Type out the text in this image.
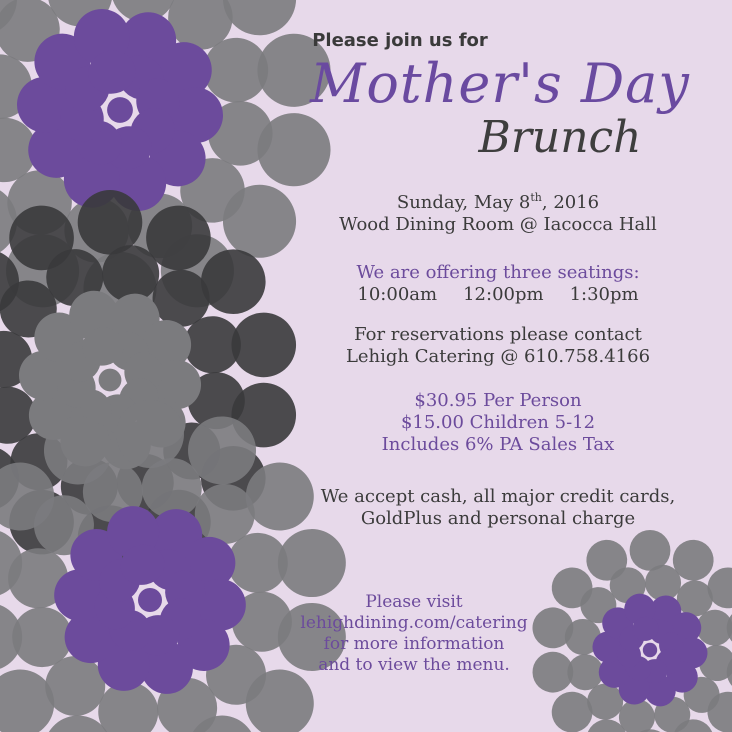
Please join us for
Mother's Day
Brunch
Sunday, May 8th, 2016
Wood Dining Room @ Iacocca Hall
We are offering three seatings:
10:00am 12:00pm 1:30pm
For reservations please contact
Lehigh Catering @ 610.758.4166
$30.95 Per Person
$15.00 Children 5-12
Includes 6% PA Sales Tax
We accept cash, all major credit cards,
GoldPlus and personal charge
Please visit
lehighdining.com/catering
for more information
and to view the menu.
